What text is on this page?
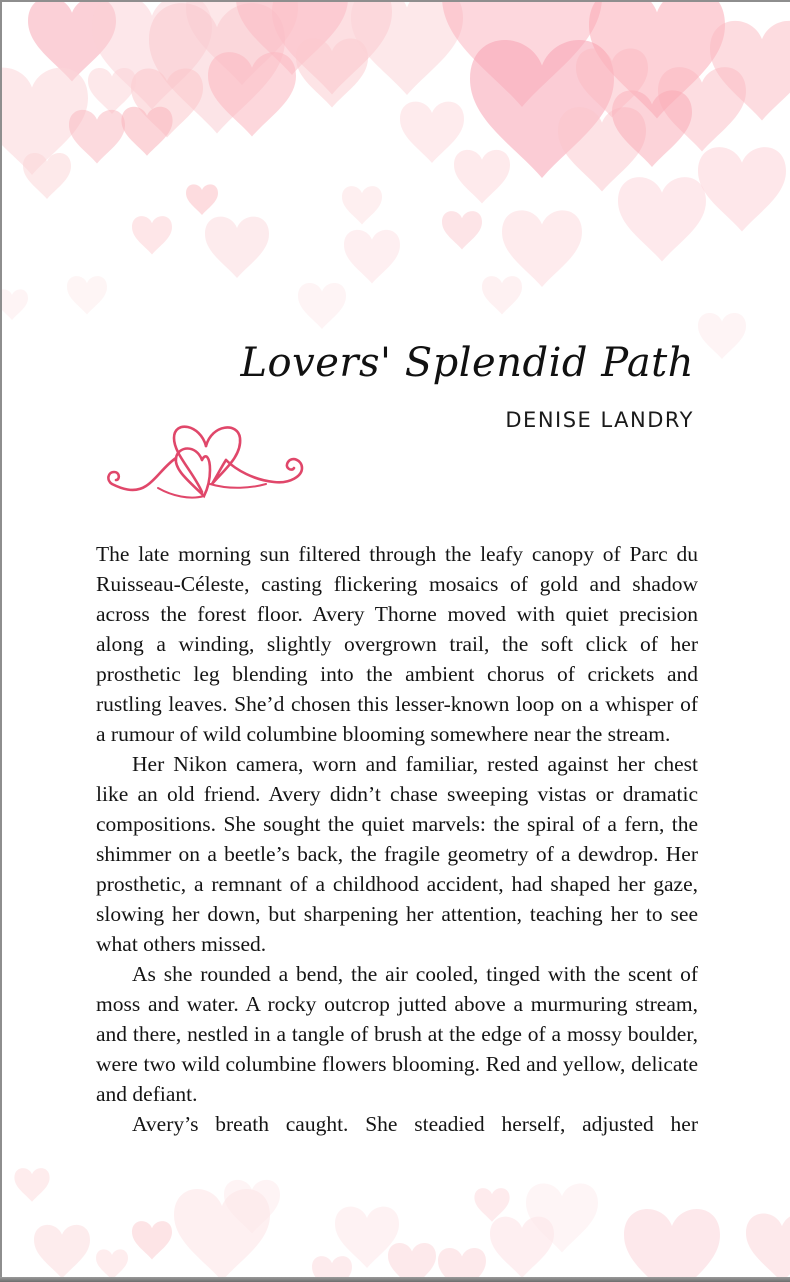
Lovers' Splendid Path
DENISE LANDRY

The late morning sun filtered through the leafy canopy of Parc du Ruisseau-Céleste, casting flickering mosaics of gold and shadow across the forest floor. Avery Thorne moved with quiet precision along a winding, slightly overgrown trail, the soft click of her prosthetic leg blending into the ambient chorus of crickets and rustling leaves. She’d chosen this lesser-known loop on a whisper of a rumour of wild columbine blooming somewhere near the stream.

Her Nikon camera, worn and familiar, rested against her chest like an old friend. Avery didn’t chase sweeping vistas or dramatic compositions. She sought the quiet marvels: the spiral of a fern, the shimmer on a beetle’s back, the fragile geometry of a dewdrop. Her prosthetic, a remnant of a childhood accident, had shaped her gaze, slowing her down, but sharpening her attention, teaching her to see what others missed.

As she rounded a bend, the air cooled, tinged with the scent of moss and water. A rocky outcrop jutted above a murmuring stream, and there, nestled in a tangle of brush at the edge of a mossy boulder, were two wild columbine flowers blooming. Red and yellow, delicate and defiant.

Avery’s breath caught. She steadied herself, adjusted her
